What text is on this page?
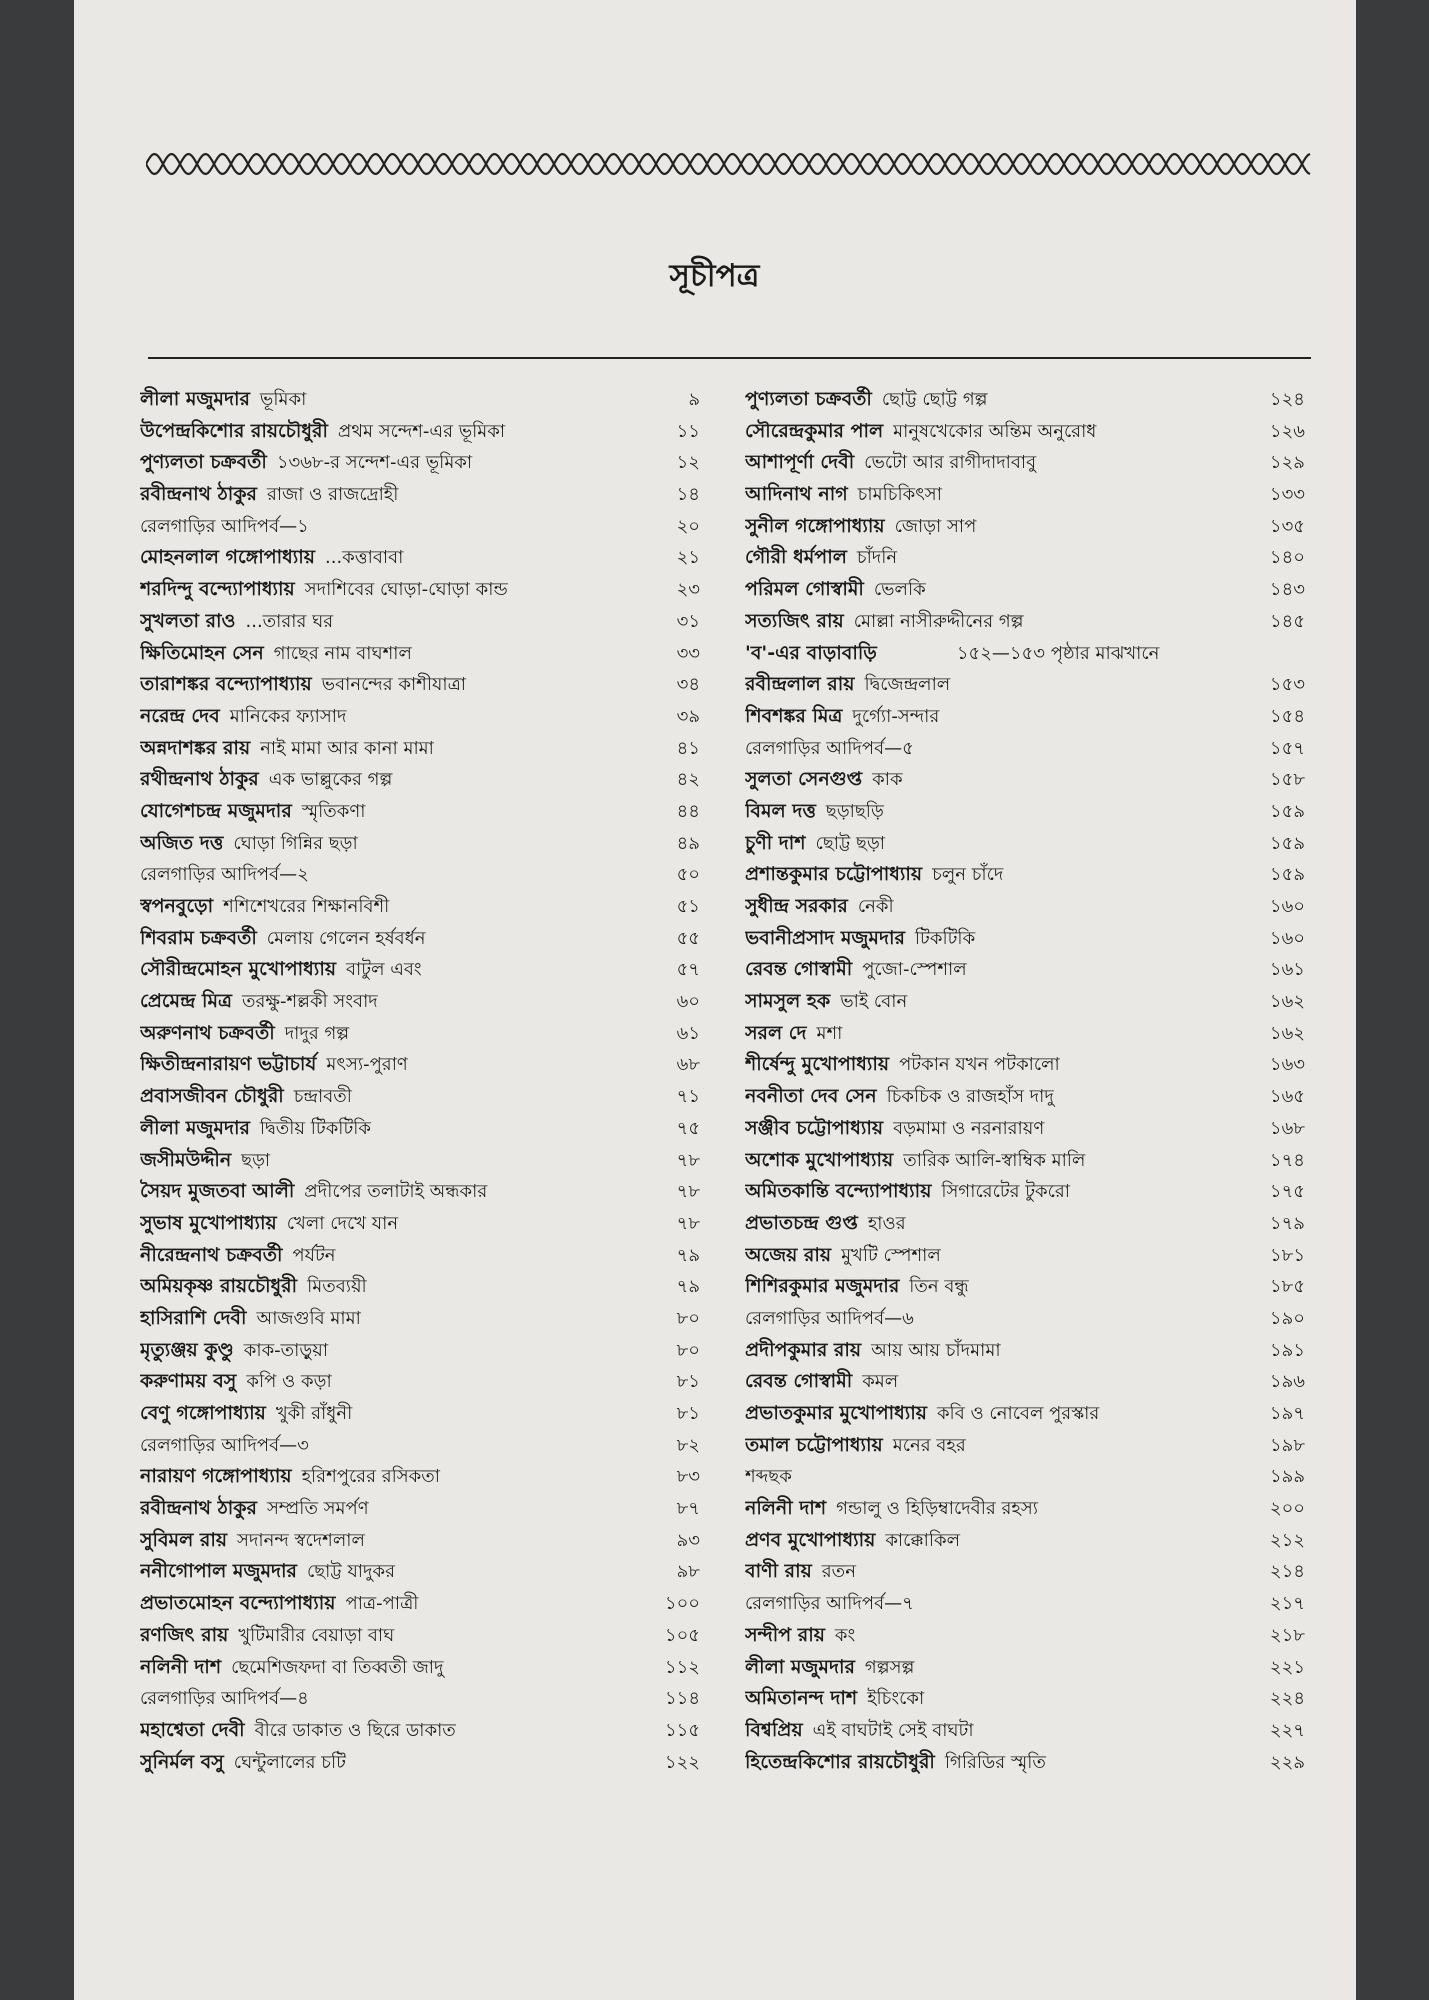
সূচীপত্র
লীলা মজুমদার ভূমিকা	৯
উপেন্দ্রকিশোর রায়চৌধুরী প্রথম সন্দেশ-এর ভূমিকা	১১
পুণ্যলতা চক্রবর্তী ১৩৬৮-র সন্দেশ-এর ভূমিকা	১২
রবীন্দ্রনাথ ঠাকুর রাজা ও রাজদ্রোহী	১৪
রেলগাড়ির আদিপর্ব—১	২০
মোহনলাল গঙ্গোপাধ্যায় ...কত্তাবাবা	২১
শরদিন্দু বন্দ্যোপাধ্যায় সদাশিবের ঘোড়া-ঘোড়া কান্ড	২৩
সুখলতা রাও ...তারার ঘর	৩১
ক্ষিতিমোহন সেন গাছের নাম বাঘশাল	৩৩
তারাশঙ্কর বন্দ্যোপাধ্যায় ভবানন্দের কাশীযাত্রা	৩৪
নরেন্দ্র দেব মানিকের ফ্যাসাদ	৩৯
অন্নদাশঙ্কর রায় নাই মামা আর কানা মামা	৪১
রথীন্দ্রনাথ ঠাকুর এক ভাল্লুকের গল্প	৪২
যোগেশচন্দ্র মজুমদার স্মৃতিকণা	৪৪
অজিত দত্ত ঘোড়া গিন্নির ছড়া	৪৯
রেলগাড়ির আদিপর্ব—২	৫০
স্বপনবুড়ো শশিশেখরের শিক্ষানবিশী	৫১
শিবরাম চক্রবর্তী মেলায় গেলেন হর্ষবর্ধন	৫৫
সৌরীন্দ্রমোহন মুখোপাধ্যায় বাটুল এবং	৫৭
প্রেমেন্দ্র মিত্র তরক্ষু-শল্লকী সংবাদ	৬০
অরুণনাথ চক্রবর্তী দাদুর গল্প	৬১
ক্ষিতীন্দ্রনারায়ণ ভট্টাচার্য মৎস্য-পুরাণ	৬৮
প্রবাসজীবন চৌধুরী চন্দ্রাবতী	৭১
লীলা মজুমদার দ্বিতীয় টিকটিকি	৭৫
জসীমউদ্দীন ছড়া	৭৮
সৈয়দ মুজতবা আলী প্রদীপের তলাটাই অন্ধকার	৭৮
সুভাষ মুখোপাধ্যায় খেলা দেখে যান	৭৮
নীরেন্দ্রনাথ চক্রবর্তী পর্যটন	৭৯
অমিয়কৃষ্ণ রায়চৌধুরী মিতব্যয়ী	৭৯
হাসিরাশি দেবী আজগুবি মামা	৮০
মৃত্যুঞ্জয় কুণ্ডু কাক-তাড়ুয়া	৮০
করুণাময় বসু কপি ও কড়া	৮১
বেণু গঙ্গোপাধ্যায় খুকী রাঁধুনী	৮১
রেলগাড়ির আদিপর্ব—৩	৮২
নারায়ণ গঙ্গোপাধ্যায় হরিশপুরের রসিকতা	৮৩
রবীন্দ্রনাথ ঠাকুর সম্প্রতি সমর্পণ	৮৭
সুবিমল রায় সদানন্দ স্বদেশলাল	৯৩
ননীগোপাল মজুমদার ছোট্ট যাদুকর	৯৮
প্রভাতমোহন বন্দ্যোপাধ্যায় পাত্র-পাত্রী	১০০
রণজিৎ রায় খুটিমারীর বেয়াড়া বাঘ	১০৫
নলিনী দাশ ছেমেশিজফদা বা তিব্বতী জাদু	১১২
রেলগাড়ির আদিপর্ব—৪	১১৪
মহাশ্বেতা দেবী বীরে ডাকাত ও ছিরে ডাকাত	১১৫
সুনির্মল বসু ঘেন্টুলালের চটি	১২২
পুণ্যলতা চক্রবর্তী ছোট্ট ছোট্ট গল্প	১২৪
সৌরেন্দ্রকুমার পাল মানুষখেকোর অন্তিম অনুরোধ	১২৬
আশাপূর্ণা দেবী ভেটো আর রাগীদাদাবাবু	১২৯
আদিনাথ নাগ চামচিকিৎসা	১৩৩
সুনীল গঙ্গোপাধ্যায় জোড়া সাপ	১৩৫
গৌরী ধর্মপাল চাঁদনি	১৪০
পরিমল গোস্বামী ভেলকি	১৪৩
সত্যজিৎ রায় মোল্লা নাসীরুদ্দীনের গল্প	১৪৫
'ব'-এর বাড়াবাড়ি	১৫২—১৫৩ পৃষ্ঠার মাঝখানে
রবীন্দ্রলাল রায় দ্বিজেন্দ্রলাল	১৫৩
শিবশঙ্কর মিত্র দুর্গ্যো-সন্দার	১৫৪
রেলগাড়ির আদিপর্ব—৫	১৫৭
সুলতা সেনগুপ্ত কাক	১৫৮
বিমল দত্ত ছড়াছড়ি	১৫৯
চুণী দাশ ছোট্ট ছড়া	১৫৯
প্রশান্তকুমার চট্টোপাধ্যায় চলুন চাঁদে	১৫৯
সুধীন্দ্র সরকার নেকী	১৬০
ভবানীপ্রসাদ মজুমদার টিকটিকি	১৬০
রেবন্ত গোস্বামী পুজো-স্পেশাল	১৬১
সামসুল হক ভাই বোন	১৬২
সরল দে মশা	১৬২
শীর্ষেন্দু মুখোপাধ্যায় পটকান যখন পটকালো	১৬৩
নবনীতা দেব সেন চিকচিক ও রাজহাঁস দাদু	১৬৫
সঞ্জীব চট্টোপাধ্যায় বড়মামা ও নরনারায়ণ	১৬৮
অশোক মুখোপাধ্যায় তারিক আলি-স্বাম্বিক মালি	১৭৪
অমিতকান্তি বন্দ্যোপাধ্যায় সিগারেটের টুকরো	১৭৫
প্রভাতচন্দ্র গুপ্ত হাওর	১৭৯
অজেয় রায় মুখটি স্পেশাল	১৮১
শিশিরকুমার মজুমদার তিন বন্ধু	১৮৫
রেলগাড়ির আদিপর্ব—৬	১৯০
প্রদীপকুমার রায় আয় আয় চাঁদমামা	১৯১
রেবন্ত গোস্বামী কমল	১৯৬
প্রভাতকুমার মুখোপাধ্যায় কবি ও নোবেল পুরস্কার	১৯৭
তমাল চট্টোপাধ্যায় মনের বহর	১৯৮
শব্দছক	১৯৯
নলিনী দাশ গন্ডালু ও হিড়িম্বাদেবীর রহস্য	২০০
প্রণব মুখোপাধ্যায় কাক্কোকিল	২১২
বাণী রায় রতন	২১৪
রেলগাড়ির আদিপর্ব—৭	২১৭
সন্দীপ রায় কং	২১৮
লীলা মজুমদার গল্পসল্প	২২১
অমিতানন্দ দাশ ইচিংকো	২২৪
বিশ্বপ্রিয় এই বাঘটাই সেই বাঘটা	২২৭
হিতেন্দ্রকিশোর রায়চৌধুরী গিরিডির স্মৃতি	২২৯
